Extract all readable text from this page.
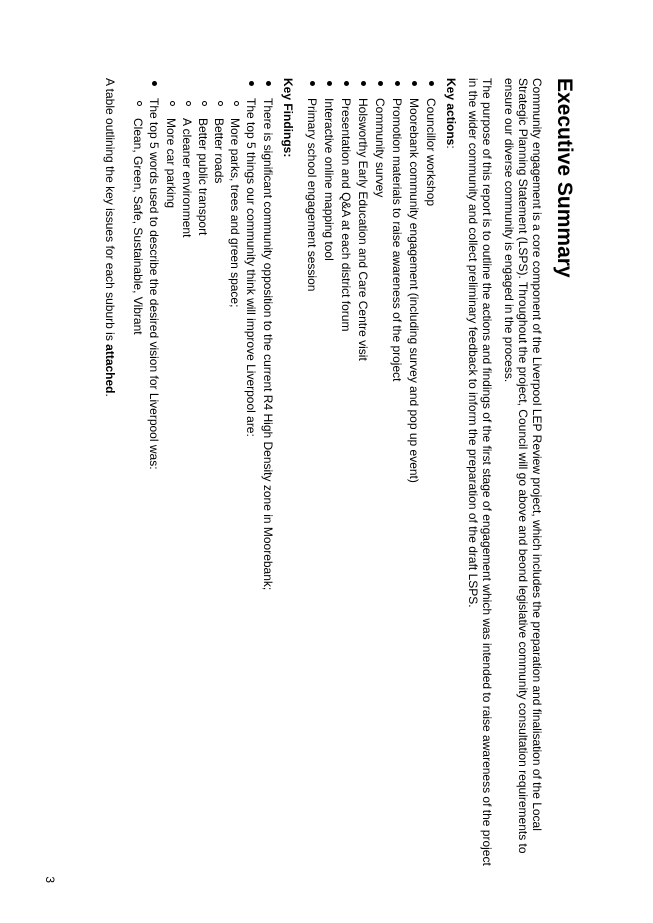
Executive Summary

Community engagement is a core component of the Liverpool LEP Review project, which includes the preparation and finalisation of the Local Strategic Planning Statement (LSPS). Throughout the project, Council will go above and beond legislative community consultation requirements to ensure our diverse community is engaged in the process.

The purpose of this report is to outline the actions and findings of the first stage of engagement which was intended to raise awareness of the project in the wider community and collect preliminary feedback to inform the preparation of the draft LSPS.

Key actions:
Councillor workshop
Moorebank community engagement (including survey and pop up event)
Promotion materials to raise awareness of the project
Community survey
Holsworthy Early Education and Care Centre visit
Presentation and Q&A at each district forum
Interactive online mapping tool
Primary school engagement session
Key Findings:
There is significant community opposition to the current R4 High Density zone in Moorebank;
The top 5 things our community think will improve Liverpool are:
More parks, trees and green space;
Better roads
Better public transport
A cleaner environment
More car parking
The top 5 words used to describe the desired vision for Liverpool was:
Clean, Green, Safe, Sustainable, Vibrant

A table outlining the key issues for each suburb is attached.

3
